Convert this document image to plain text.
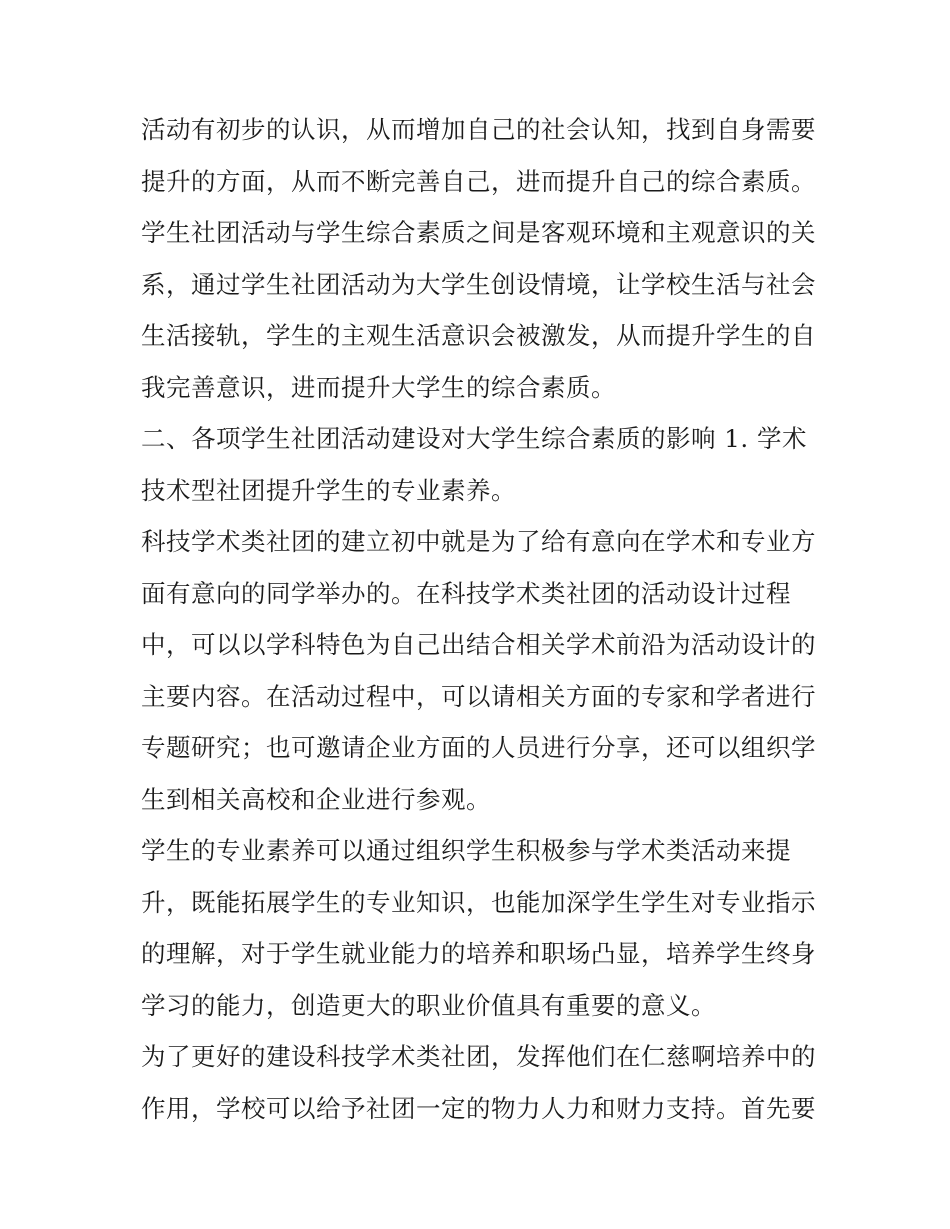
活动有初步的认识，从而增加自己的社会认知，找到自身需要
提升的方面，从而不断完善自己，进而提升自己的综合素质。
学生社团活动与学生综合素质之间是客观环境和主观意识的关
系，通过学生社团活动为大学生创设情境，让学校生活与社会
生活接轨，学生的主观生活意识会被激发，从而提升学生的自
我完善意识，进而提升大学生的综合素质。
二、各项学生社团活动建设对大学生综合素质的影响 1. 学术
技术型社团提升学生的专业素养。
科技学术类社团的建立初中就是为了给有意向在学术和专业方
面有意向的同学举办的。在科技学术类社团的活动设计过程
中，可以以学科特色为自己出结合相关学术前沿为活动设计的
主要内容。在活动过程中，可以请相关方面的专家和学者进行
专题研究；也可邀请企业方面的人员进行分享，还可以组织学
生到相关高校和企业进行参观。
学生的专业素养可以通过组织学生积极参与学术类活动来提
升，既能拓展学生的专业知识，也能加深学生学生对专业指示
的理解，对于学生就业能力的培养和职场凸显，培养学生终身
学习的能力，创造更大的职业价值具有重要的意义。
为了更好的建设科技学术类社团，发挥他们在仁慈啊培养中的
作用，学校可以给予社团一定的物力人力和财力支持。首先要
